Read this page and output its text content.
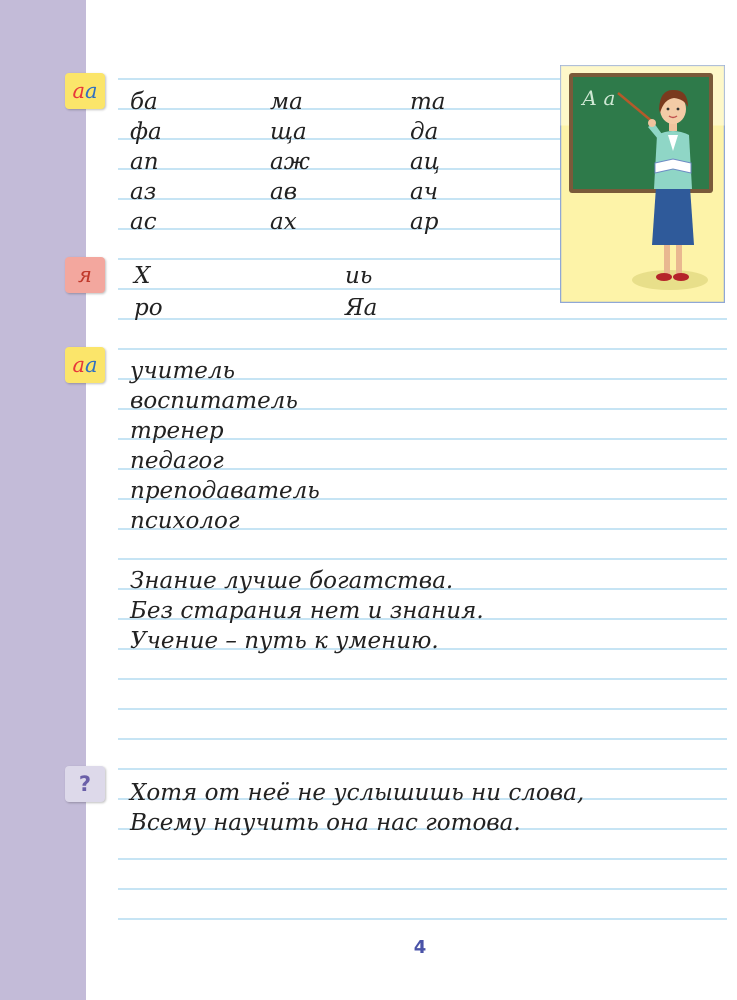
а а
я
а а
?
ба	ма	та
фа	ща	да
ап	аж	ац
аз	ав	ач
ас	ах	ар
Х	иь
ро	Яа
учитель
воспитатель
тренер
педагог
преподаватель
психолог
Знание лучше богатства.
Без старания нет и знания.
Учение – путь к умению.
Хотя от неё не услышишь ни слова,
Всему научить она нас готова.
А а
4
